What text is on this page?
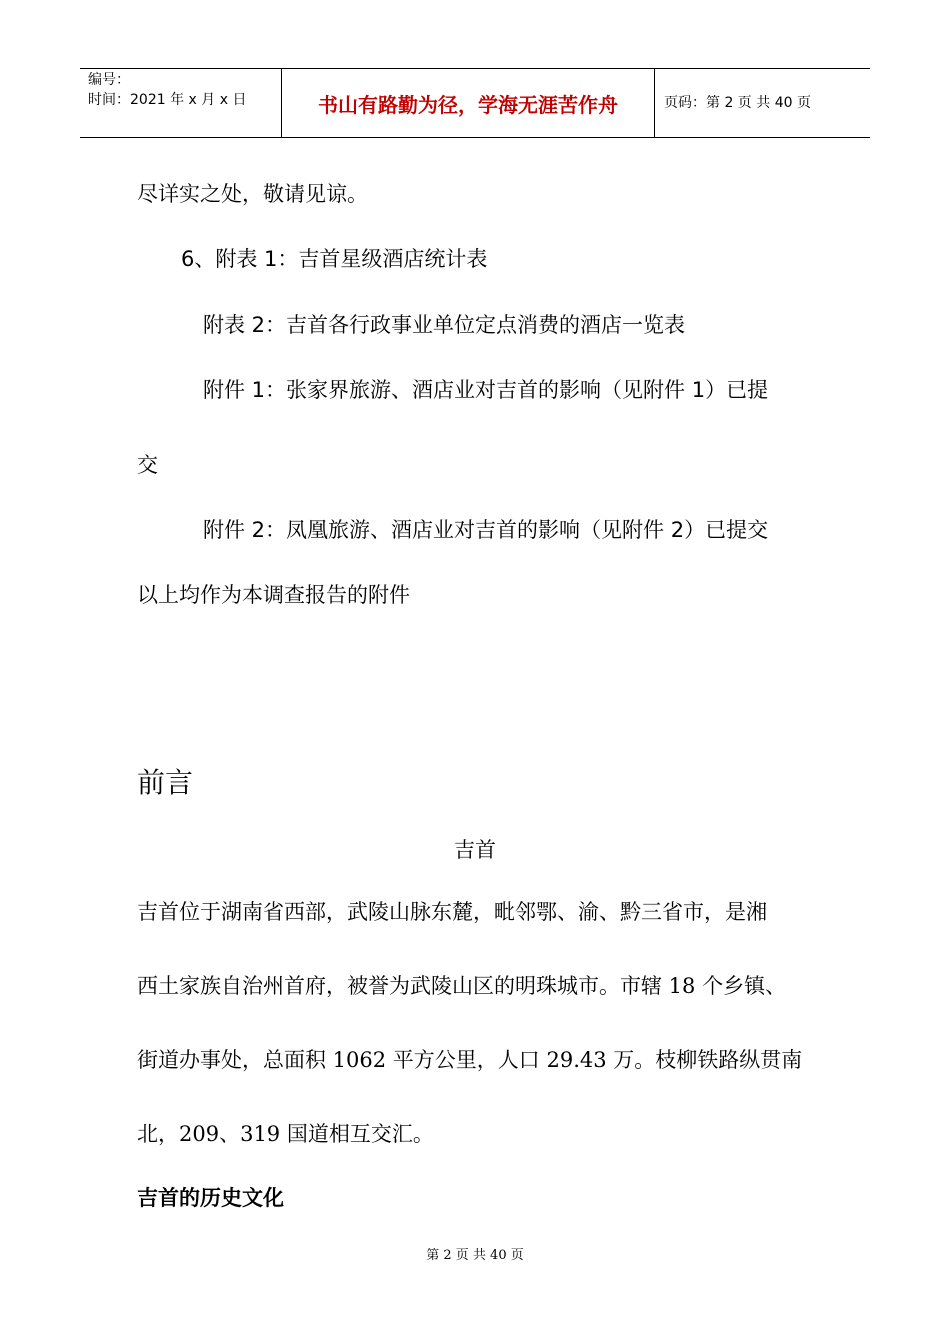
编号：
时间：2021 年 x 月 x 日	书山有路勤为径，学海无涯苦作舟	页码：第 2 页 共 40 页
尽详实之处，敬请见谅。
6、附表 1：吉首星级酒店统计表
附表 2：吉首各行政事业单位定点消费的酒店一览表
附件 1：张家界旅游、酒店业对吉首的影响（见附件 1）已提
交
附件 2：凤凰旅游、酒店业对吉首的影响（见附件 2）已提交
以上均作为本调查报告的附件
前言
吉首
吉首位于湖南省西部，武陵山脉东麓，毗邻鄂、渝、黔三省市，是湘
西土家族自治州首府，被誉为武陵山区的明珠城市。市辖 18 个乡镇、
街道办事处，总面积 1062 平方公里，人口 29.43 万。枝柳铁路纵贯南
北，209、319 国道相互交汇。
吉首的历史文化
第 2 页 共 40 页
